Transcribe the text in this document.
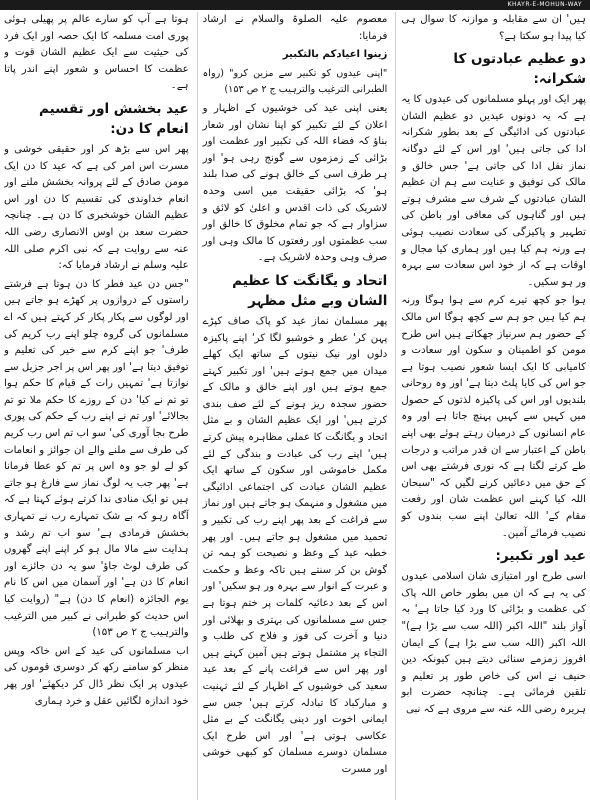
KHAYR-E-MOHUN-WAY

ہیں' ان سے مقابلہ و موازنہ کا سوال ہی کیا پیدا ہو سکتا ہے؟

دو عظیم عبادتوں کا شکرانہ:

پھر ایک اور پہلو مسلمانوں کی عیدوں کا یہ ہے کہ یہ دونوں عیدیں دو عظیم الشان عبادتوں کی ادائیگی کے بعد بطور شکرانہ ادا کی جاتی ہیں' اور اس کے لئے دوگانہ نماز نفل ادا کی جاتی ہے' جس خالق و مالک کی توفیق و عنایت سے ہم ان عظیم الشان عبادتوں کے شرف سے مشرف ہوتے ہیں اور گناہوں کی معافی اور باطن کی تطہیر و پاکیزگی کی سعادت نصیب ہوئی ہے ورنہ ہم کیا ہیں اور ہماری کیا مجال و اوقات ہے کہ از خود اس سعادت سے بہرہ ور ہو سکیں۔

ہوا جو کچھ تیرے کرم سے ہوا ہوگا ورنہ ہم کیا ہیں جو ہم سے کچھ ہوگا اس مالک کے حضور ہم سرنیاز جھکاتے ہیں اس طرح مومن کو اطمینان و سکون اور سعادت و کامیابی کا ایک ایسا شعور نصیب ہوتا ہے جو اس کی کایا پلٹ دیتا ہے' اور وہ روحانی بلندیوں اور اس کی پاکیزہ لذتوں کے حصول میں کہیں سے کہیں پہنچ جاتا ہے اور وہ عام انسانوں کے درمیان رہتے ہوئے بھی اپنے باطن کے اعتبار سے ان قدر مراتب و درجات طے کرتے لگتا ہے کہ نوری فرشتے بھی اس کے حق میں دعائیں کرنے لگیں کہ "سبحان اللہ کیا کہنے اس عظمت شان اور رفعت مقام کے' اللہ تعالیٰ اپنے سب بندوں کو نصیب فرمائے آمین۔

عید اور تکبیر:

اسی طرح اور امتیازی شان اسلامی عیدوں کی یہ ہے کہ ان میں بطور خاص اللہ پاک کی عظمت و بڑائی کا ورد کیا جاتا ہے' بہ آواز بلند "اللہ اکبر (اللہ سب سے بڑا ہے)" اللہ اکبر (اللہ سب سے بڑا ہے) کے ایمان افروز زمزمے سنائی دیتے ہیں کیونکہ دین حنیف نے اس کی خاص طور پر تعلیم و تلقین فرمائی ہے۔ چنانچہ حضرت ابو ہریرہ رضی اللہ عنہ سے مروی ہے کہ نبی

معصوم علیہ الصلوۃ والسلام نے ارشاد فرمایا:

زینوا اعیادکم بالتکبیر

"اپنی عیدوں کو تکبیر سے مزین کرو" (رواہ الطبرانی الترغیب والترہیب ج ۲ ص ۱۵۳)

یعنی اپنی عید کی خوشیوں کے اظہار و اعلان کے لئے تکبیر کو اپنا نشان اور شعار بناؤ کہ فضاء اللہ کی تکبیر اور عظمت اور بڑائی کے زمزموں سے گونج رہی ہو' اور ہر طرف اسی کے خالق ہونے کی صدا بلند ہو' کہ بڑائی حقیقت میں اسی وحدہ لاشریک کی ذات اقدس و اعلیٰ کو لائق و سزاوار ہے کہ جو تمام مخلوق کا خالق اور سب عظمتوں اور رفعتوں کا مالک وہی اور صرف وہی وحدہ لاشریک ہے۔

اتحاد و یگانگت کا عظیم الشان وبے مثل مظہر

پھر مسلمان نماز عید کو پاک صاف کپڑے پہن کر' عطر و خوشبو لگا کر' اپنے پاکیزہ دلوں اور نیک نیتوں کے ساتھ ایک کھلے میدان میں جمع ہوتے ہیں' اور تکبیر کہتے جمع ہوتے ہیں اور اپنے خالق و مالک کے حضور سجدہ ریز ہونے کے لئے صف بندی کرتے ہیں' اور ایک عظیم الشان و بے مثل اتحاد و یگانگت کا عملی مظاہرہ پیش کرتے ہیں' اپنے رب کی عبادت و بندگی کے لئے مکمل خاموشی اور سکون کے ساتھ ایک عظیم الشان عبادت کی اجتماعی ادائیگی میں مشغول و منہمک ہو جاتے ہیں اور نماز سے فراغت کے بعد پھر اپنے رب کی تکبیر و تحمید میں مشغول ہو جاتے ہیں۔ اور پھر خطبہ عید کے وعظ و نصیحت کو ہمہ تن گوش بن کر سنتے ہیں تاکہ وعظ و حکمت و عبرت کے انوار سے بہرہ ور ہو سکیں' اور اس کے بعد دعائیہ کلمات پر ختم ہوتا ہے جس سے مسلمانوں کی بہتری و بھلائی اور دنیا و آخرت کی فوز و فلاح کی طلب و التجاء پر مشتمل ہوتے ہیں آمین کہتے ہیں اور پھر اس سے فراغت پانے کے بعد عید سعید کی خوشیوں کے اظہار کے لئے تہنیت و مبارکباد کا تبادلہ کرتے ہیں' جس سے ایمانی اخوت اور دینی یگانگت کے بے مثل عکاسی ہوتی ہے' اور اس طرح ایک مسلمان دوسرے مسلمان کو کبھی خوشی اور مسرت

ہوتا ہے آپ کو سارے عالم پر پھیلی ہوئی پوری امت مسلمہ کا ایک حصہ اور ایک فرد کی حیثیت سے ایک عظیم الشان قوت و عظمت کا احساس و شعور اپنے اندر پاتا ہے۔

عید بخشش اور تقسیم انعام کا دن:

پھر اس سے بڑھ کر اور حقیقی خوشی و مسرت اس امر کی ہے کہ عید کا دن ایک مومن صادق کے لئے پروانہ بخشش ملنے اور انعام خداوندی کی تقسیم کا دن اور اس عظیم الشان خوشخبری کا دن ہے۔ چنانچہ حضرت سعد بن اوس الانصاری رضی اللہ عنہ سے روایت ہے کہ نبی اکرم صلی اللہ علیہ وسلم نے ارشاد فرمایا کہ:

"جس دن عید فطر کا دن ہوتا ہے فرشتے راستوں کے دروازوں پر کھڑے ہو جاتے ہیں اور لوگوں سے پکار پکار کر کہتے ہیں کہ اے مسلمانوں کی گروہ چلو اپنے رب کریم کی طرف' جو اپنے کرم سے خیر کی تعلیم و توفیق دیتا ہے' اور پھر اس پر اجر جزیل سے نوازتا ہے' تمہیں رات کے قیام کا حکم ہوا تو تم نے کیا' دن کے روزے کا حکم ملا تو تم بجالائے' اور تم نے اپنے رب کے حکم کی پوری طرح بجا آوری کی' سو اب تم اس رب کریم کی طرف سے ملنے والے ان جوائز و انعامات کو لے لو جو وہ اس پر تم کو عطا فرمانا ہے' پھر جب یہ لوگ نماز سے فارغ ہو جاتے ہیں تو ایک منادی ندا کرتے ہوئے کہتا ہے کہ آگاہ رہو کہ بے شک تمہارے رب نے تمہاری بخشش فرمادی ہے' سو اب تم رشد و ہدایت سے مالا مال ہو کر اپنے اپنے گھروں کی طرف لوٹ جاؤ' سو یہ دن جائزے اور انعام کا دن ہے' اور آسمان میں اس کا نام یوم الجائزہ (انعام کا دن) ہے" (روایت کیا اس حدیث کو طبرانی نے کبیر میں الترغیب والترہیب ج ۲ ص ۱۵۳)

اب مسلمانوں کی عید کے اس خاکہ وپس منظر کو سامنے رکھ کر دوسری قوموں کی عیدوں پر ایک نظر ڈال کر دیکھئے' اور پھر خود اندازہ لگائیں عقل و خرد ہماری
